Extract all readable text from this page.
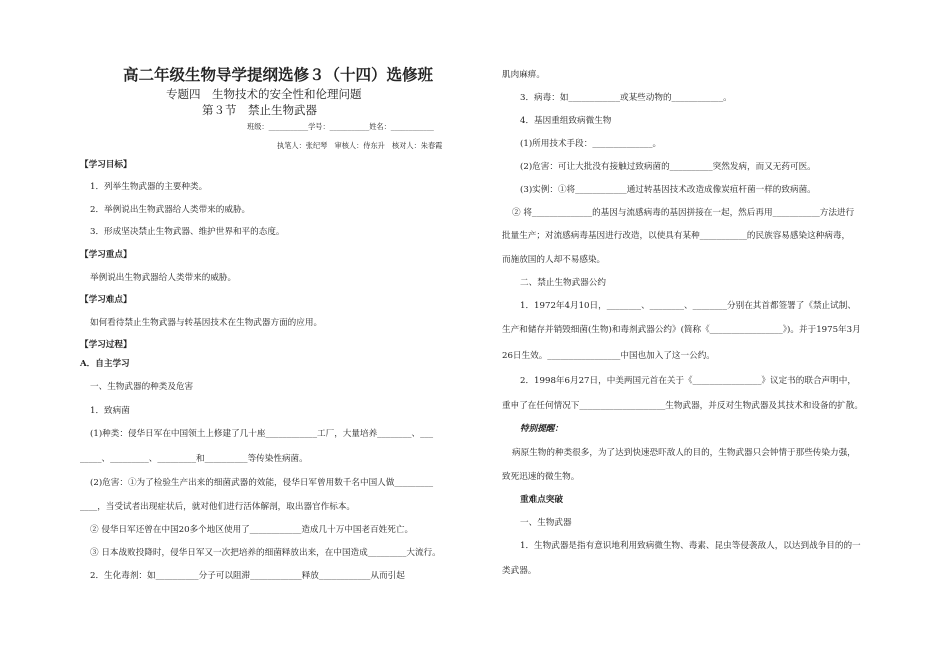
高二年级生物导学提纲选修３（十四）选修班
专题四　生物技术的安全性和伦理问题
第３节　禁止生物武器
班级：___________学号：___________姓名：____________
执笔人：张纪琴　审核人：侍东升　核对人：朱春霞
【学习目标】
1．列举生物武器的主要种类。
2．举例说出生物武器给人类带来的威胁。
3．形成坚决禁止生物武器、维护世界和平的态度。
【学习重点】
举例说出生物武器给人类带来的威胁。
【学习难点】
如何看待禁止生物武器与转基因技术在生物武器方面的应用。
【学习过程】
A．自主学习
一、生物武器的种类及危害
1．致病菌
(1)种类：侵华日军在中国领土上修建了几十座____________工厂，大量培养________、___
_____、_________、_________和__________等传染性病菌。
(2)危害：①为了检验生产出来的细菌武器的效能，侵华日军曾用数千名中国人做_________
____，当受试者出现症状后，就对他们进行活体解剖，取出器官作标本。
② 侵华日军还曾在中国20多个地区使用了____________造成几十万中国老百姓死亡。
③ 日本战败投降时，侵华日军又一次把培养的细菌释放出来，在中国造成_________大流行。
2．生化毒剂：如__________分子可以阻滞____________释放____________从而引起
肌肉麻痹。
3．病毒：如____________或某些动物的____________。
4．基因重组致病微生物
(1)所用技术手段：______________。
(2)危害：可让大批没有接触过致病菌的__________突然发病，而又无药可医。
(3)实例：①将____________通过转基因技术改造成像炭疽杆菌一样的致病菌。
② 将______________的基因与流感病毒的基因拼接在一起，然后再用___________方法进行
批量生产；对流感病毒基因进行改造，以使具有某种___________的民族容易感染这种病毒，
而施放国的人却不易感染。
二、禁止生物武器公约
1．1972年4月10日，________、________、________分别在其首都签署了《禁止试制、
生产和储存并销毁细菌(生物)和毒剂武器公约》(简称《_________________》)。并于1975年3月
26日生效。_________________中国也加入了这一公约。
2．1998年6月27日，中美两国元首在关于《________________》议定书的联合声明中，
重申了在任何情况下____________________生物武器，并反对生物武器及其技术和设备的扩散。
特别提醒：
病原生物的种类很多，为了达到快速恐吓敌人的目的，生物武器只会钟情于那些传染力强，
致死迅速的微生物。
重难点突破
一、生物武器
1．生物武器是指有意识地利用致病微生物、毒素、昆虫等侵袭敌人，以达到战争目的的一
类武器。
